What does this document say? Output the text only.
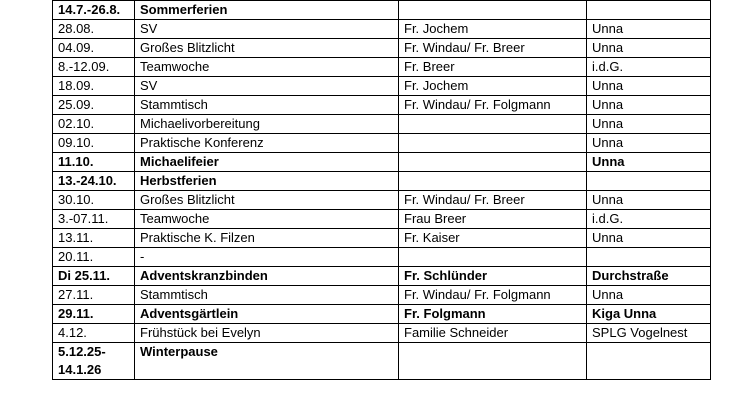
14.7.-26.8.	Sommerferien		
28.08.	SV	Fr. Jochem	Unna
04.09.	Großes Blitzlicht	Fr. Windau/ Fr. Breer	Unna
8.-12.09.	Teamwoche	Fr. Breer	i.d.G.
18.09.	SV	Fr. Jochem	Unna
25.09.	Stammtisch	Fr. Windau/ Fr. Folgmann	Unna
02.10.	Michaelivorbereitung		Unna
09.10.	Praktische Konferenz		Unna
11.10.	Michaelifeier		Unna
13.-24.10.	Herbstferien		
30.10.	Großes Blitzlicht	Fr. Windau/ Fr. Breer	Unna
3.-07.11.	Teamwoche	Frau Breer	i.d.G.
13.11.	Praktische K. Filzen	Fr. Kaiser	Unna
20.11.	-		
Di 25.11.	Adventskranzbinden	Fr. Schlünder	Durchstraße
27.11.	Stammtisch	Fr. Windau/ Fr. Folgmann	Unna
29.11.	Adventsgärtlein	Fr. Folgmann	Kiga Unna
4.12.	Frühstück bei Evelyn	Familie Schneider	SPLG Vogelnest
5.12.25- 14.1.26	Winterpause		
